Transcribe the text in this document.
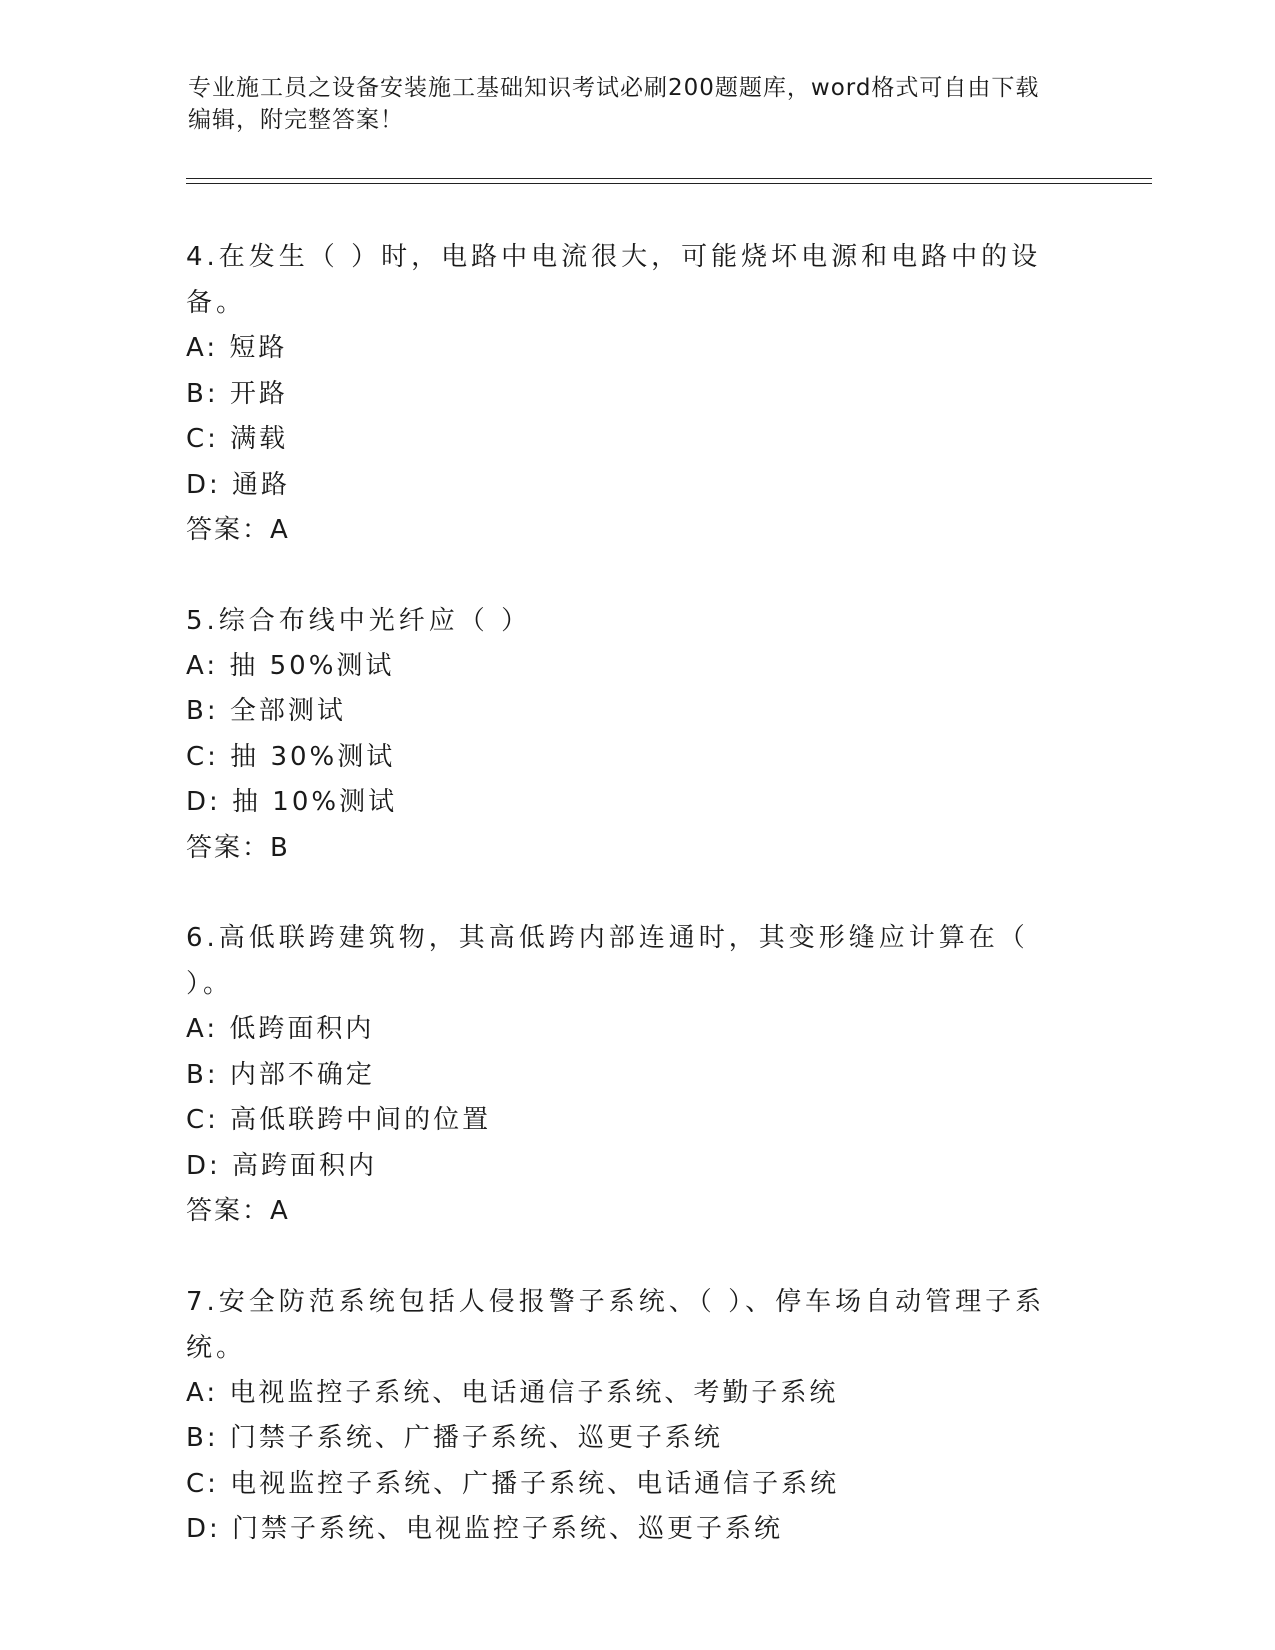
专业施工员之设备安装施工基础知识考试必刷200题题库，word格式可自由下载
编辑，附完整答案！
4.在发生（ ）时，电路中电流很大，可能烧坏电源和电路中的设备。
A: 短路
B: 开路
C: 满载
D: 通路
答案：A
5.综合布线中光纤应（ ）
A: 抽 50%测试
B: 全部测试
C: 抽 30%测试
D: 抽 10%测试
答案：B
6.高低联跨建筑物，其高低跨内部连通时，其变形缝应计算在（ ）。
A: 低跨面积内
B: 内部不确定
C: 高低联跨中间的位置
D: 高跨面积内
答案：A
7.安全防范系统包括人侵报警子系统、（ ）、停车场自动管理子系统。
A: 电视监控子系统、电话通信子系统、考勤子系统
B: 门禁子系统、广播子系统、巡更子系统
C: 电视监控子系统、广播子系统、电话通信子系统
D: 门禁子系统、电视监控子系统、巡更子系统
